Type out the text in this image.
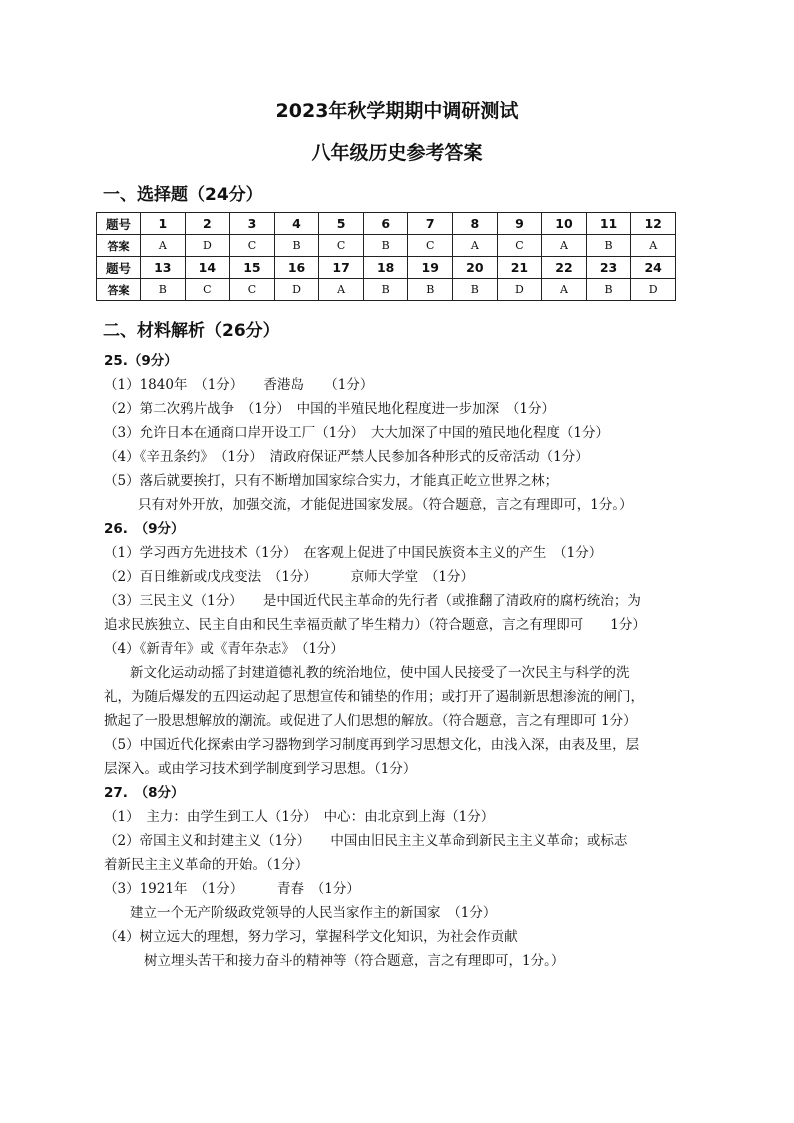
2023年秋学期期中调研测试
八年级历史参考答案
一、选择题（24分）
题号	1	2	3	4	5	6	7	8	9	10	11	12
答案	A	D	C	B	C	B	C	A	C	A	B	A
题号	13	14	15	16	17	18	19	20	21	22	23	24
答案	B	C	C	D	A	B	B	B	D	A	B	D
二、材料解析（26分）
25.（9分）
（1）1840年　（1分）　　香港岛　　（1分）
（2）第二次鸦片战争　（1分）　中国的半殖民地化程度进一步加深　（1分）
（3）允许日本在通商口岸开设工厂（1分）　大大加深了中国的殖民地化程度（1分）
（4）《辛丑条约》　（1分）　清政府保证严禁人民参加各种形式的反帝活动（1分）
（5）落后就要挨打，只有不断增加国家综合实力，才能真正屹立世界之林；
只有对外开放，加强交流，才能促进国家发展。（符合题意，言之有理即可，1分。）
26.　（9分）
（1）学习西方先进技术（1分）　在客观上促进了中国民族资本主义的产生　（1分）
（2）百日维新或戊戌变法　（1分）　　　京师大学堂　（1分）
（3）三民主义（1分）　　是中国近代民主革命的先行者（或推翻了清政府的腐朽统治；为
追求民族独立、民主自由和民生幸福贡献了毕生精力）（符合题意，言之有理即可　　1分）
（4）《新青年》或《青年杂志》　（1分）
新文化运动动摇了封建道德礼教的统治地位，使中国人民接受了一次民主与科学的洗
礼，为随后爆发的五四运动起了思想宣传和铺垫的作用；或打开了遏制新思想渗流的闸门，
掀起了一股思想解放的潮流。或促进了人们思想的解放。（符合题意，言之有理即可 1分）
（5）中国近代化探索由学习器物到学习制度再到学习思想文化，由浅入深，由表及里，层
层深入。或由学习技术到学制度到学习思想。（1分）
27.　（8分）
（1）　主力：由学生到工人（1分）　中心：由北京到上海（1分）
（2）帝国主义和封建主义（1分）　　中国由旧民主主义革命到新民主主义革命；或标志
着新民主主义革命的开始。（1分）
（3）1921年　（1分）　　　青春　（1分）
建立一个无产阶级政党领导的人民当家作主的新国家　（1分）
（4）树立远大的理想，努力学习，掌握科学文化知识，为社会作贡献
树立埋头苦干和接力奋斗的精神等（符合题意，言之有理即可，1分。）
